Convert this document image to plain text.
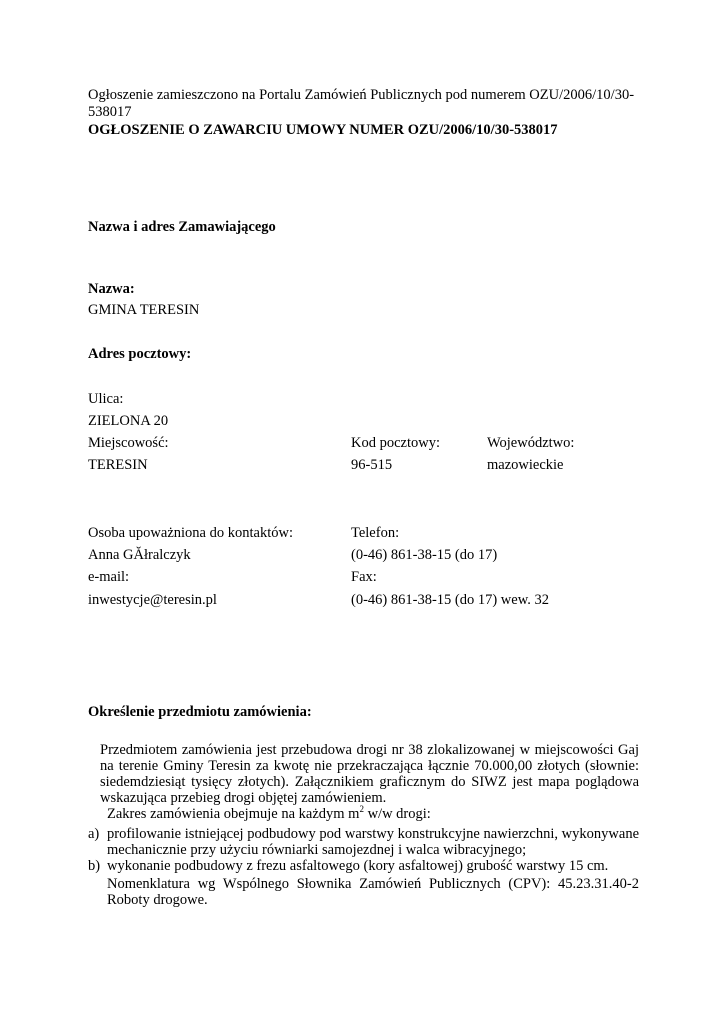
Ogłoszenie zamieszczono na Portalu Zamówień Publicznych pod numerem OZU/2006/10/30-
538017
OGŁOSZENIE O ZAWARCIU UMOWY NUMER OZU/2006/10/30-538017
Nazwa i adres Zamawiającego
Nazwa:
GMINA TERESIN
Adres pocztowy:
Ulica:
ZIELONA 20
Miejscowość:	Kod pocztowy:	Województwo:
TERESIN	96-515	mazowieckie
Osoba upoważniona do kontaktów:	Telefon:
Anna GĂłralczyk	(0-46) 861-38-15 (do 17)
e-mail:	Fax:
inwestycje@teresin.pl	(0-46) 861-38-15 (do 17) wew. 32
Określenie przedmiotu zamówienia:
Przedmiotem zamówienia jest przebudowa drogi nr 38 zlokalizowanej w miejscowości Gaj na terenie Gminy Teresin za kwotę nie przekraczająca łącznie 70.000,00 złotych (słownie: siedemdziesiąt tysięcy złotych). Załącznikiem graficznym do SIWZ jest mapa poglądowa wskazująca przebieg drogi objętej zamówieniem.
Zakres zamówienia obejmuje na każdym $m^2$ w/w drogi:
a) profilowanie istniejącej podbudowy pod warstwy konstrukcyjne nawierzchni, wykonywane mechanicznie przy użyciu równiarki samojezdnej i walca wibracyjnego;
b) wykonanie podbudowy z frezu asfaltowego (kory asfaltowej) grubość warstwy 15 cm.
Nomenklatura wg Wspólnego Słownika Zamówień Publicznych (CPV): 45.23.31.40-2 Roboty drogowe.
